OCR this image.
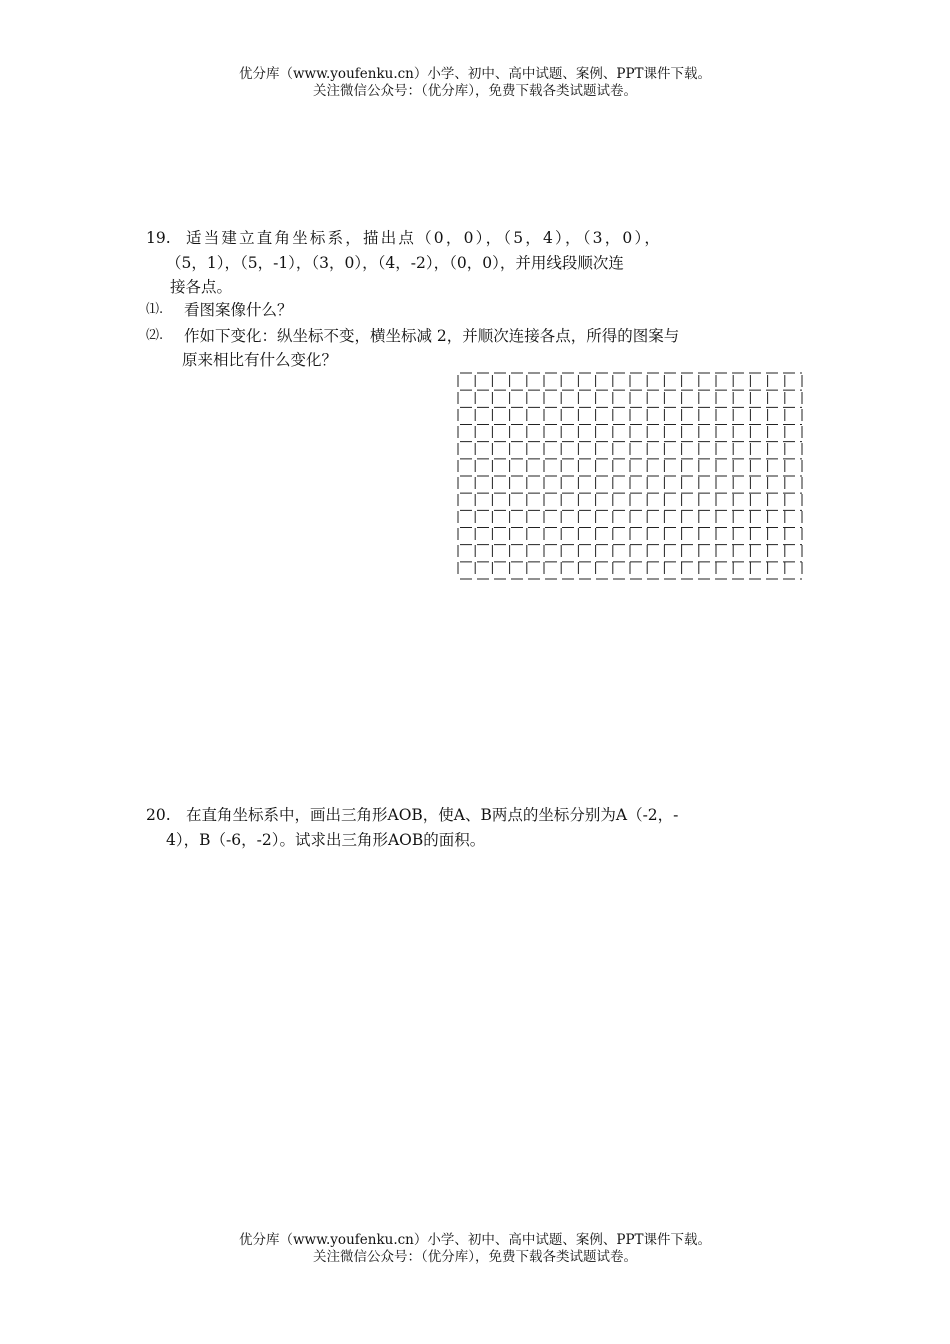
优分库（www.youfenku.cn）小学、初中、高中试题、案例、PPT课件下载。
关注微信公众号：（优分库），免费下载各类试题试卷。
19. 适当建立直角坐标系，描出点（0，0），（5，4），（3，0），
（5，1），（5，-1），（3，0），（4，-2），（0，0），并用线段顺次连
接各点。
⑴. 看图案像什么？
⑵. 作如下变化：纵坐标不变，横坐标减 2，并顺次连接各点，所得的图案与
原来相比有什么变化？
20. 在直角坐标系中，画出三角形AOB，使A、B两点的坐标分别为A（-2，-
4），B（-6，-2）。试求出三角形AOB的面积。
优分库（www.youfenku.cn）小学、初中、高中试题、案例、PPT课件下载。
关注微信公众号：（优分库），免费下载各类试题试卷。
